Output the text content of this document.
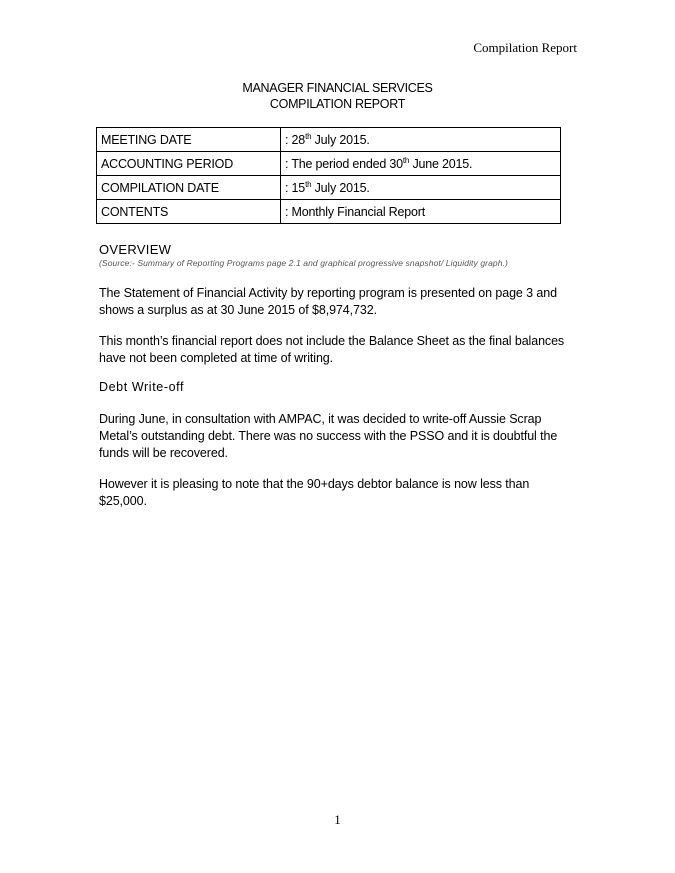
Compilation Report
MANAGER FINANCIAL SERVICES
COMPILATION REPORT
MEETING DATE	: 28th July 2015.
ACCOUNTING PERIOD	: The period ended 30th June 2015.
COMPILATION DATE	: 15th July 2015.
CONTENTS	: Monthly Financial Report
OVERVIEW
(Source:- Summary of Reporting Programs page 2.1 and graphical progressive snapshot/ Liquidity graph.)

The Statement of Financial Activity by reporting program is presented on page 3 and shows a surplus as at 30 June 2015 of $8,974,732.

This month’s financial report does not include the Balance Sheet as the final balances have not been completed at time of writing.

Debt Write-off

During June, in consultation with AMPAC, it was decided to write-off Aussie Scrap Metal’s outstanding debt. There was no success with the PSSO and it is doubtful the funds will be recovered.

However it is pleasing to note that the 90+days debtor balance is now less than $25,000.

1
